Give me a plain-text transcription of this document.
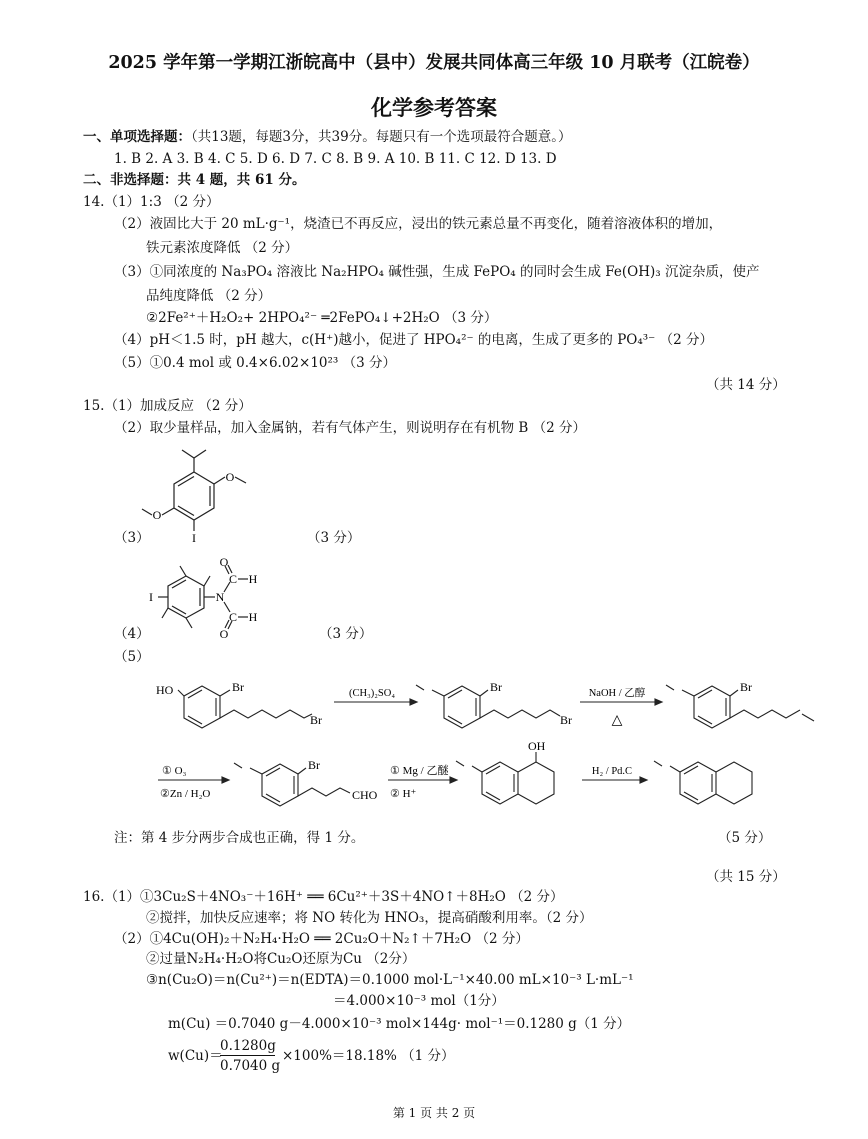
2025 学年第一学期江浙皖高中（县中）发展共同体高三年级 10 月联考（江皖卷）
化学参考答案
一、单项选择题：（共13题，每题3分，共39分。每题只有一个选项最符合题意。）
1. B 2. A 3. B 4. C 5. D 6. D 7. C 8. B 9. A 10. B 11. C 12. D 13. D
二、非选择题：共 4 题，共 61 分。
14.（1）1:3 （2 分）
（2）液固比大于 20 mL·g⁻¹，烧渣已不再反应，浸出的铁元素总量不再变化，随着溶液体积的增加，
铁元素浓度降低 （2 分）
（3）①同浓度的 Na₃PO₄ 溶液比 Na₂HPO₄ 碱性强，生成 FePO₄ 的同时会生成 Fe(OH)₃ 沉淀杂质，使产
品纯度降低 （2 分）
②2Fe²⁺＋H₂O₂+ 2HPO₄²⁻ ═2FePO₄↓+2H₂O （3 分）
（4）pH＜1.5 时，pH 越大，c(H⁺)越小，促进了 HPO₄²⁻ 的电离，生成了更多的 PO₄³⁻ （2 分）
（5）①0.4 mol 或 0.4×6.02×10²³ （3 分）
（共 14 分）
15.（1）加成反应 （2 分）
（2）取少量样品，加入金属钠，若有气体产生，则说明存在有机物 B （2 分）
O
O
I
（3）	（3 分）
I	N
C H
O
C H
O
（4）	（3 分）
（5）
HO	Br
Br
(CH₃)₂SO₄	Br
Br
NaOH / 乙醇
△
Br
① O₃
②Zn / H₂O
Br
CHO
① Mg / 乙醚
② H⁺
OH
H₂ / Pd.C
注：第 4 步分两步合成也正确，得 1 分。	（5 分）
（共 15 分）
16.（1）①3Cu₂S＋4NO₃⁻＋16H⁺ ══ 6Cu²⁺＋3S＋4NO↑＋8H₂O （2 分）
②搅拌，加快反应速率；将 NO 转化为 HNO₃，提高硝酸利用率。（2 分）
（2）①4Cu(OH)₂＋N₂H₄·H₂O ══ 2Cu₂O＋N₂↑＋7H₂O （2 分）
②过量N₂H₄·H₂O将Cu₂O还原为Cu （2分）
③n(Cu₂O)＝n(Cu²⁺)＝n(EDTA)＝0.1000 mol·L⁻¹×40.00 mL×10⁻³ L·mL⁻¹
＝4.000×10⁻³ mol（1分）
m(Cu) ＝0.7040 g－4.000×10⁻³ mol×144g· mol⁻¹＝0.1280 g（1 分）
w(Cu)＝
0.1280g
0.7040 g
×100%＝18.18% （1 分）
第 1 页 共 2 页
